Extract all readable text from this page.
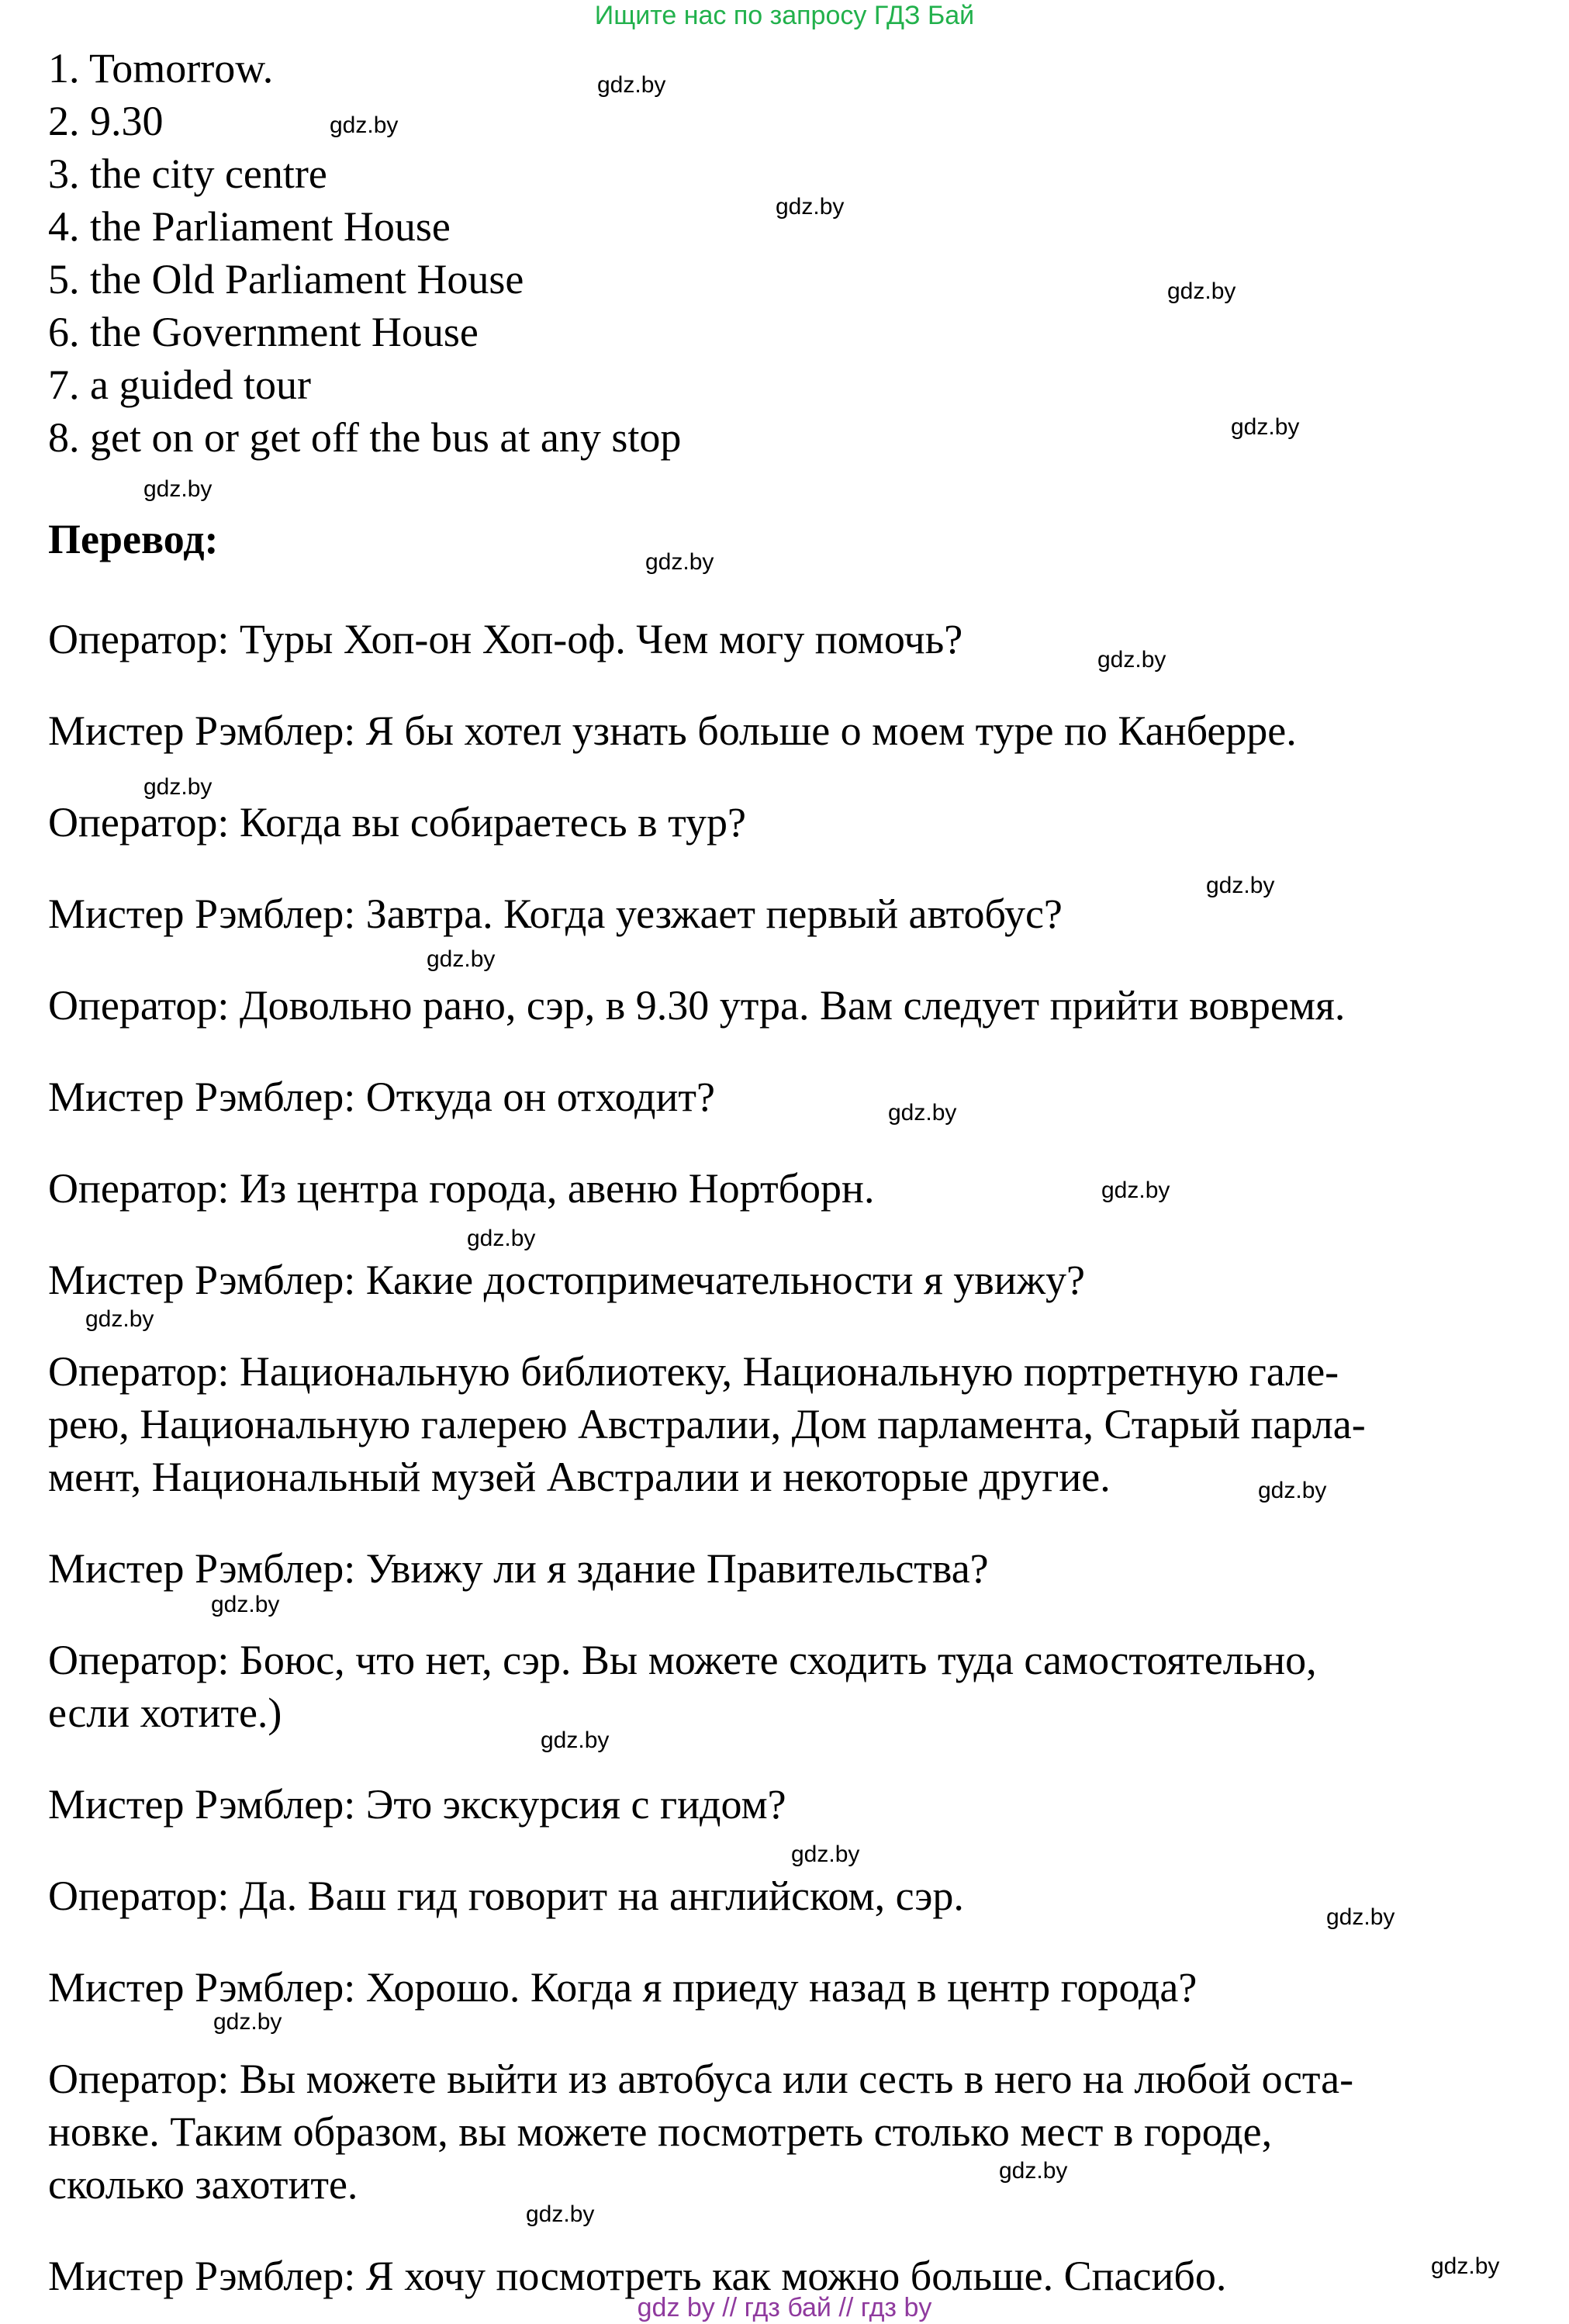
Ищите нас по запросу ГДЗ Бай
1. Tomorrow.
2. 9.30
3. the city centre
4. the Parliament House
5. the Old Parliament House
6. the Government House
7. a guided tour
8. get on or get off the bus at any stop
Перевод:
Оператор: Туры Хоп-он Хоп-оф. Чем могу помочь?
Мистер Рэмблер: Я бы хотел узнать больше о моем туре по Канберре.
Оператор: Когда вы собираетесь в тур?
Мистер Рэмблер: Завтра. Когда уезжает первый автобус?
Оператор: Довольно рано, сэр, в 9.30 утра. Вам следует прийти вовремя.
Мистер Рэмблер: Откуда он отходит?
Оператор: Из центра города, авеню Нортборн.
Мистер Рэмблер: Какие достопримечательности я увижу?
Оператор: Национальную библиотеку, Национальную портретную гале-
рею, Национальную галерею Австралии, Дом парламента, Старый парла-
мент, Национальный музей Австралии и некоторые другие.
Мистер Рэмблер: Увижу ли я здание Правительства?
Оператор: Боюс, что нет, сэр. Вы можете сходить туда самостоятельно,
если хотите.)
Мистер Рэмблер: Это экскурсия с гидом?
Оператор: Да. Ваш гид говорит на английском, сэр.
Мистер Рэмблер: Хорошо. Когда я приеду назад в центр города?
Оператор: Вы можете выйти из автобуса или сесть в него на любой оста-
новке. Таким образом, вы можете посмотреть столько мест в городе,
сколько захотите.
Мистер Рэмблер: Я хочу посмотреть как можно больше. Спасибо.
gdz.by
gdz.by
gdz.by
gdz.by
gdz.by
gdz.by
gdz.by
gdz.by
gdz.by
gdz.by
gdz.by
gdz.by
gdz.by
gdz.by
gdz.by
gdz.by
gdz.by
gdz.by
gdz.by
gdz.by
gdz.by
gdz.by
gdz.by
gdz.by
gdz by // гдз бай // гдз by
